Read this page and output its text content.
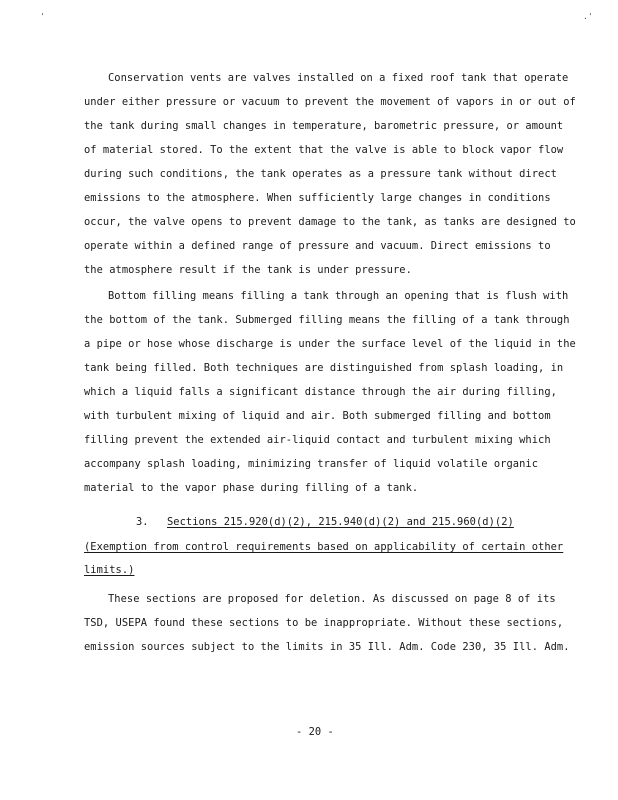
'	.'

Conservation vents are valves installed on a fixed roof tank that operate

under either pressure or vacuum to prevent the movement of vapors in or out of

the tank during small changes in temperature, barometric pressure, or amount

of material stored. To the extent that the valve is able to block vapor flow

during such conditions, the tank operates as a pressure tank without direct

emissions to the atmosphere. When sufficiently large changes in conditions

occur, the valve opens to prevent damage to the tank, as tanks are designed to

operate within a defined range of pressure and vacuum. Direct emissions to

the atmosphere result if the tank is under pressure.

Bottom filling means filling a tank through an opening that is flush with

the bottom of the tank. Submerged filling means the filling of a tank through

a pipe or hose whose discharge is under the surface level of the liquid in the

tank being filled. Both techniques are distinguished from splash loading, in

which a liquid falls a significant distance through the air during filling,

with turbulent mixing of liquid and air. Both submerged filling and bottom

filling prevent the extended air-liquid contact and turbulent mixing which

accompany splash loading, minimizing transfer of liquid volatile organic

material to the vapor phase during filling of a tank.

3. Sections 215.920(d)(2), 215.940(d)(2) and 215.960(d)(2)

(Exemption from control requirements based on applicability of certain other

limits.)

These sections are proposed for deletion. As discussed on page 8 of its

TSD, USEPA found these sections to be inappropriate. Without these sections,

emission sources subject to the limits in 35 Ill. Adm. Code 230, 35 Ill. Adm.

- 20 -
